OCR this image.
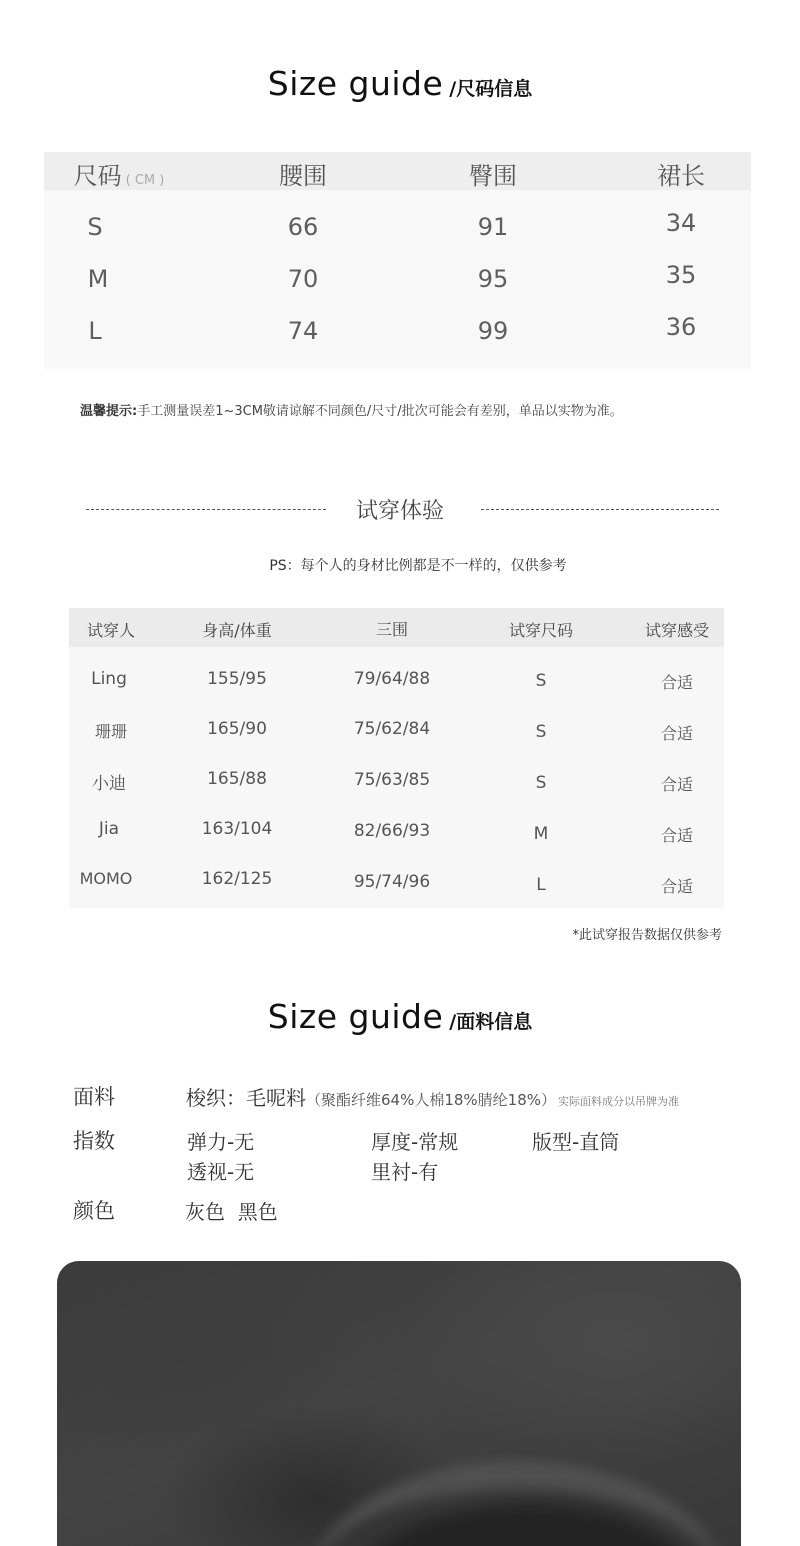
Size guide /尺码信息
尺码 ( CM )	腰围	臀围	裙长
S	66	91	34
M	70	95	35
L	74	99	36
温馨提示:手工测量误差1~3CM敬请谅解不同颜色/尺寸/批次可能会有差别，单品以实物为准。
试穿体验
PS：每个人的身材比例都是不一样的，仅供参考
试穿人	身高/体重	三围	试穿尺码	试穿感受
Ling	155/95	79/64/88	S	合适
珊珊	165/90	75/62/84	S	合适
小迪	165/88	75/63/85	S	合适
Jia	163/104	82/66/93	M	合适
MOMO	162/125	95/74/96	L	合适
*此试穿报告数据仅供参考
Size guide /面料信息
面料	梭织：毛呢料（聚酯纤维64%人棉18%腈纶18%） 实际面料成分以吊牌为准
指数	弹力-无	厚度-常规	版型-直筒
透视-无	里衬-有
颜色	灰色  黑色
